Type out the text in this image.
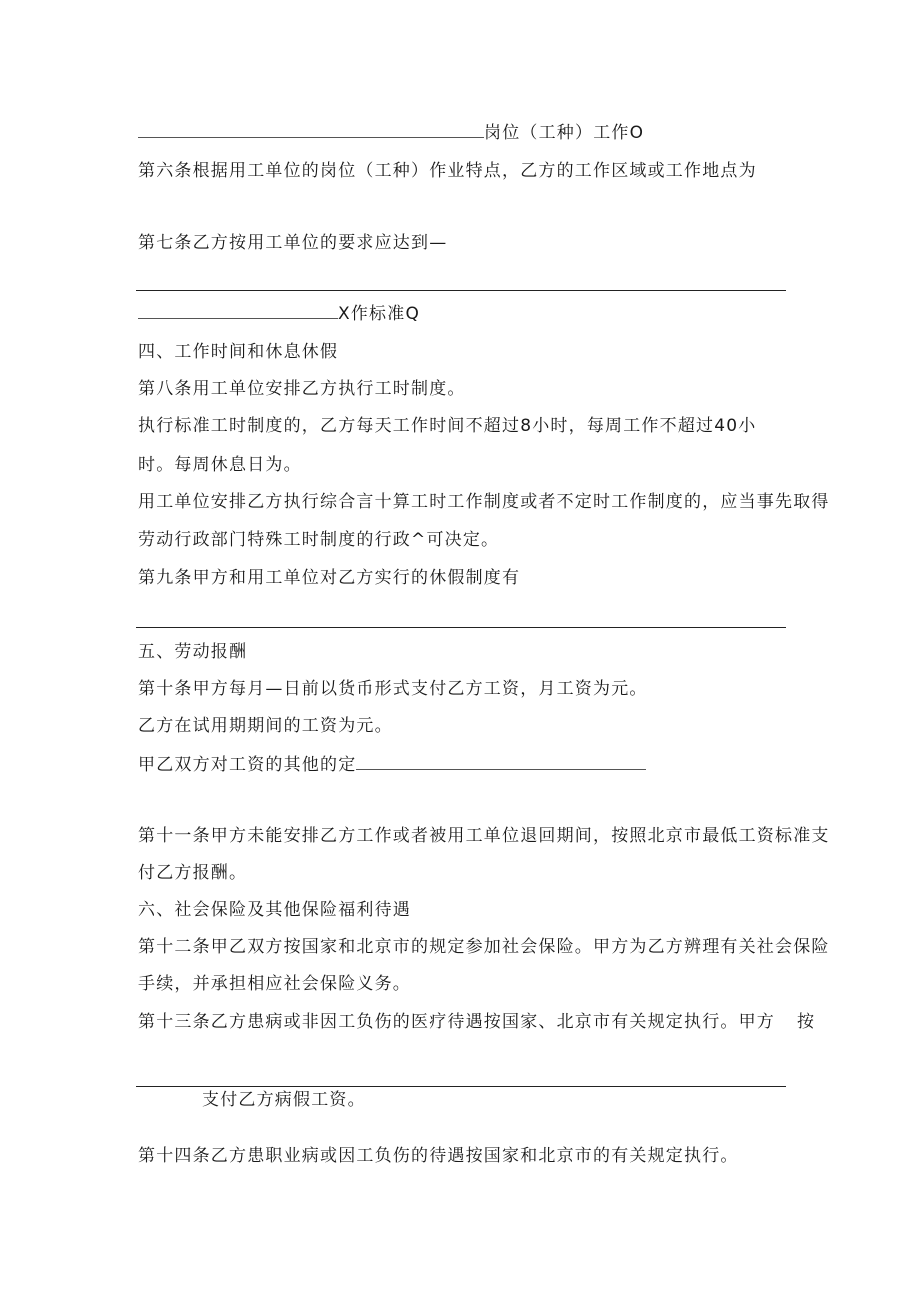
岗位（工种）工作O
第六条根据用工单位的岗位（工种）作业特点，乙方的工作区域或工作地点为
第七条乙方按用工单位的要求应达到—
X作标准Q
四、工作时间和休息休假
第八条用工单位安排乙方执行工时制度。
执行标准工时制度的，乙方每天工作时间不超过8小时，每周工作不超过40小
时。每周休息日为。
用工单位安排乙方执行综合言十算工时工作制度或者不定时工作制度的，应当事先取得
劳动行政部门特殊工时制度的行政^可决定。
第九条甲方和用工单位对乙方实行的休假制度有
五、劳动报酬
第十条甲方每月—日前以货币形式支付乙方工资，月工资为元。
乙方在试用期期间的工资为元。
甲乙双方对工资的其他的定
第十一条甲方未能安排乙方工作或者被用工单位退回期间，按照北京市最低工资标准支
付乙方报酬。
六、社会保险及其他保险福利待遇
第十二条甲乙双方按国家和北京市的规定参加社会保险。甲方为乙方辨理有关社会保险
手续，并承担相应社会保险义务。
第十三条乙方患病或非因工负伤的医疗待遇按国家、北京市有关规定执行。甲方 按
支付乙方病假工资。
第十四条乙方患职业病或因工负伤的待遇按国家和北京市的有关规定执行。
